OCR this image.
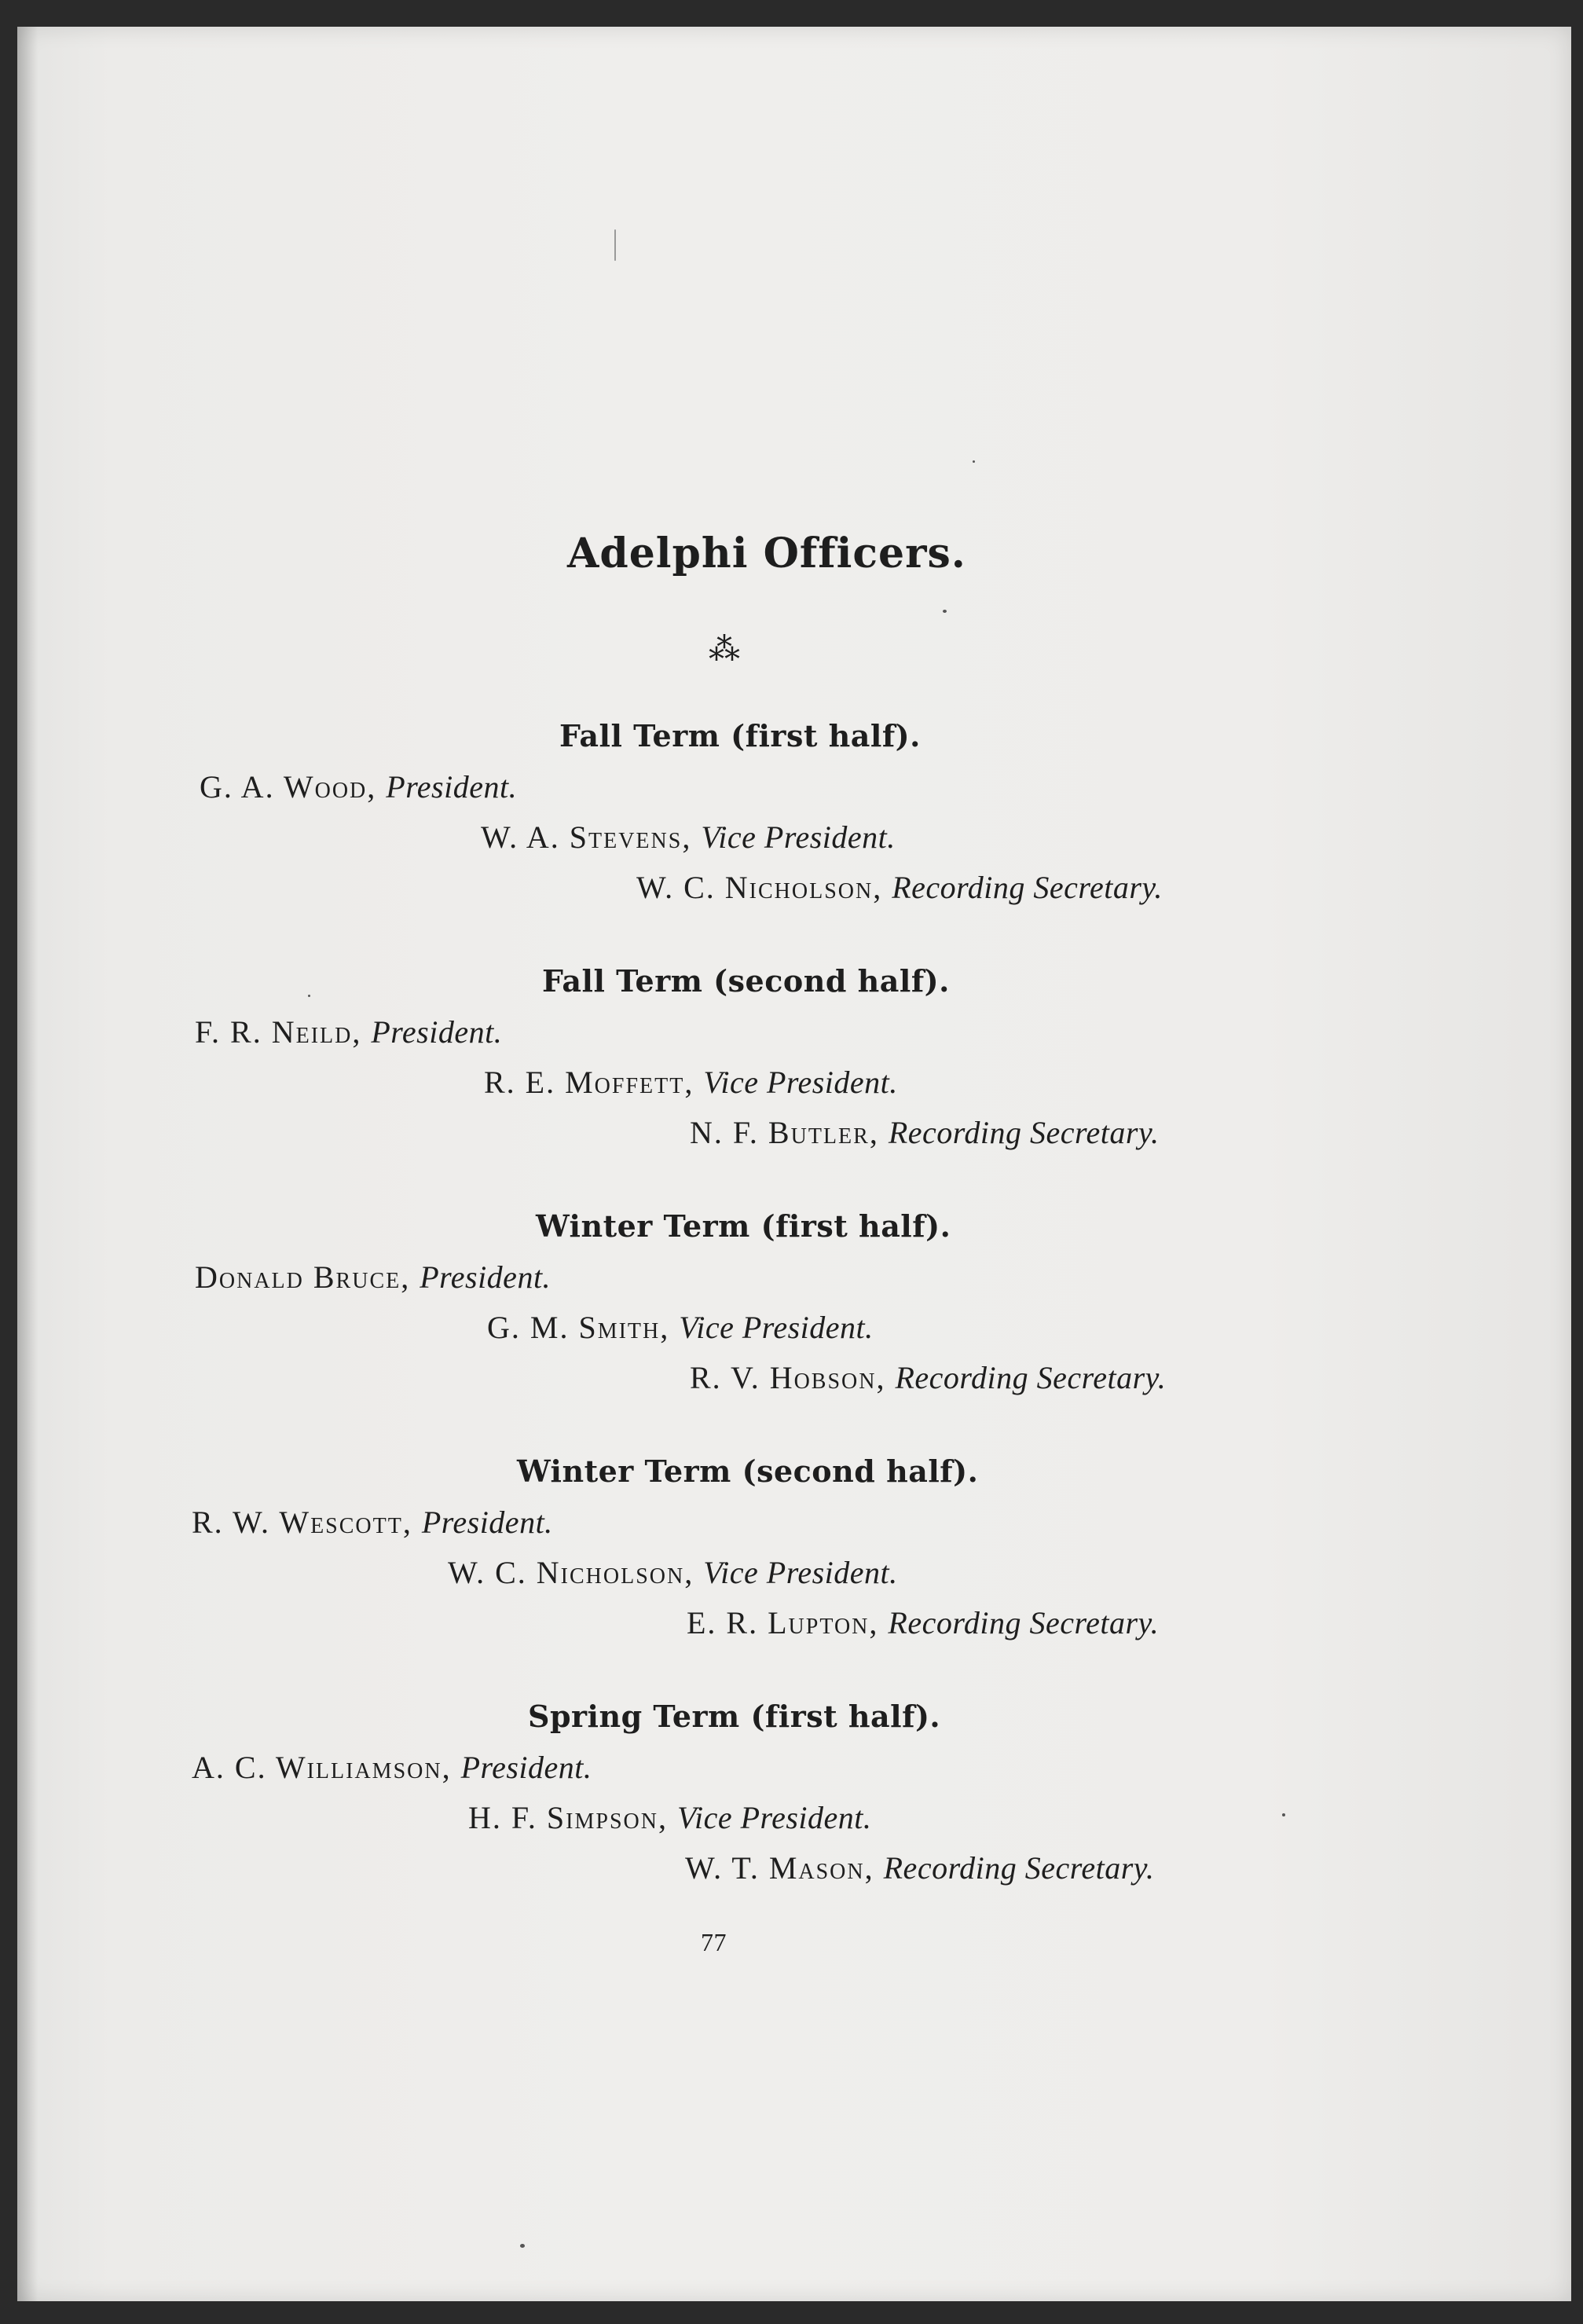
Adelphi Officers.
⁂
Fall Term (first half).
G. A. Wood, President.
W. A. Stevens, Vice President.
W. C. Nicholson, Recording Secretary.
Fall Term (second half).
F. R. Neild, President.
R. E. Moffett, Vice President.
N. F. Butler, Recording Secretary.
Winter Term (first half).
Donald Bruce, President.
G. M. Smith, Vice President.
R. V. Hobson, Recording Secretary.
Winter Term (second half).
R. W. Wescott, President.
W. C. Nicholson, Vice President.
E. R. Lupton, Recording Secretary.
Spring Term (first half).
A. C. Williamson, President.
H. F. Simpson, Vice President.
W. T. Mason, Recording Secretary.
77
